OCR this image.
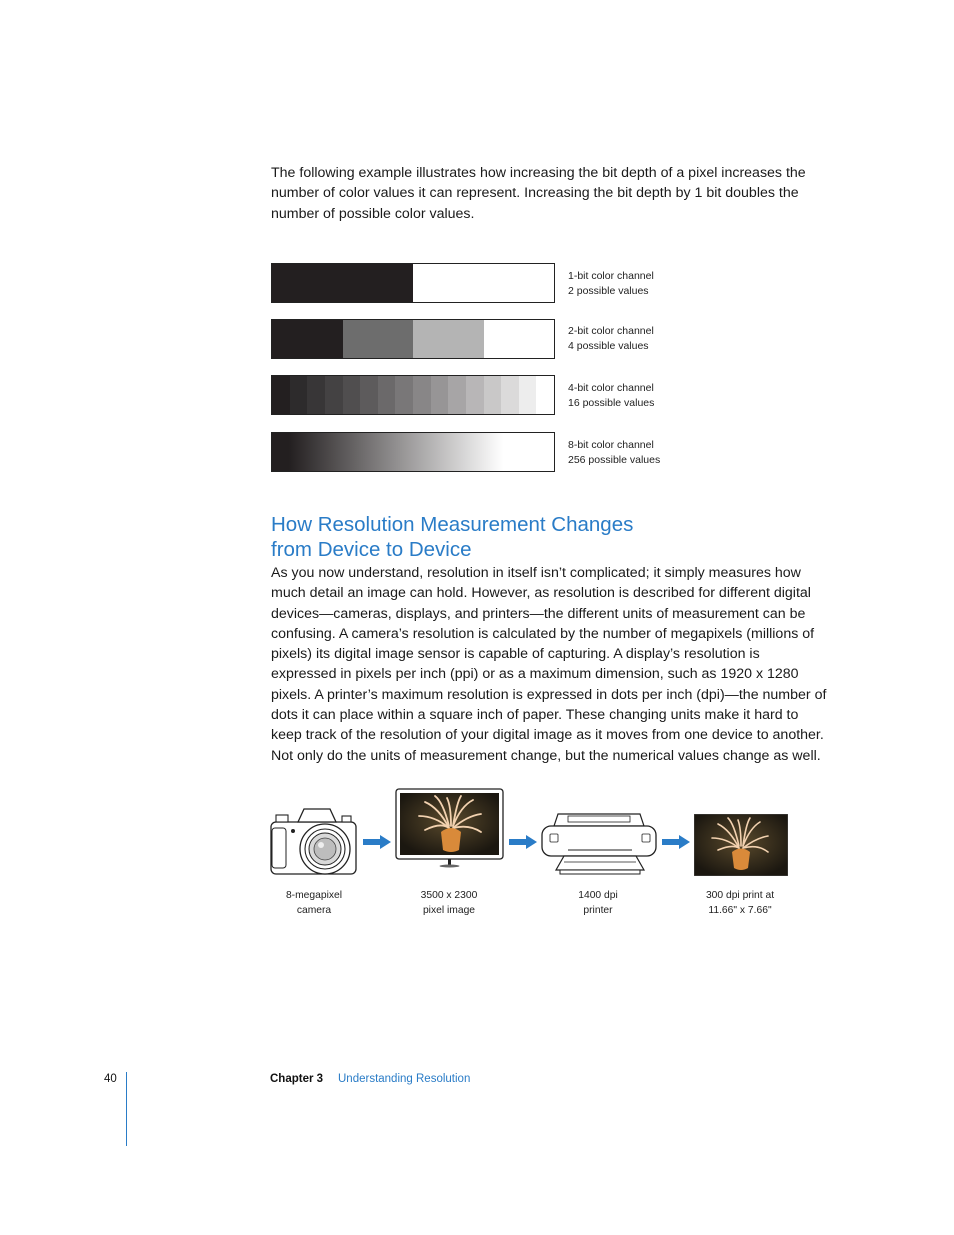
The following example illustrates how increasing the bit depth of a pixel increases the number of color values it can represent. Increasing the bit depth by 1 bit doubles the number of possible color values.

1-bit color channel
2 possible values
2-bit color channel
4 possible values
4-bit color channel
16 possible values
8-bit color channel
256 possible values
How Resolution Measurement Changes
from Device to Device

As you now understand, resolution in itself isn’t complicated; it simply measures how much detail an image can hold. However, as resolution is described for different digital devices—cameras, displays, and printers—the different units of measurement can be confusing. A camera’s resolution is calculated by the number of megapixels (millions of pixels) its digital image sensor is capable of capturing. A display’s resolution is expressed in pixels per inch (ppi) or as a maximum dimension, such as 1920 x 1280 pixels. A printer’s maximum resolution is expressed in dots per inch (dpi)—the number of dots it can place within a square inch of paper. These changing units make it hard to keep track of the resolution of your digital image as it moves from one device to another. Not only do the units of measurement change, but the numerical values change as well.

8-megapixel
camera
3500 x 2300
pixel image
1400 dpi
printer
300 dpi print at
11.66" x 7.66"
40	Chapter 3 Understanding Resolution
